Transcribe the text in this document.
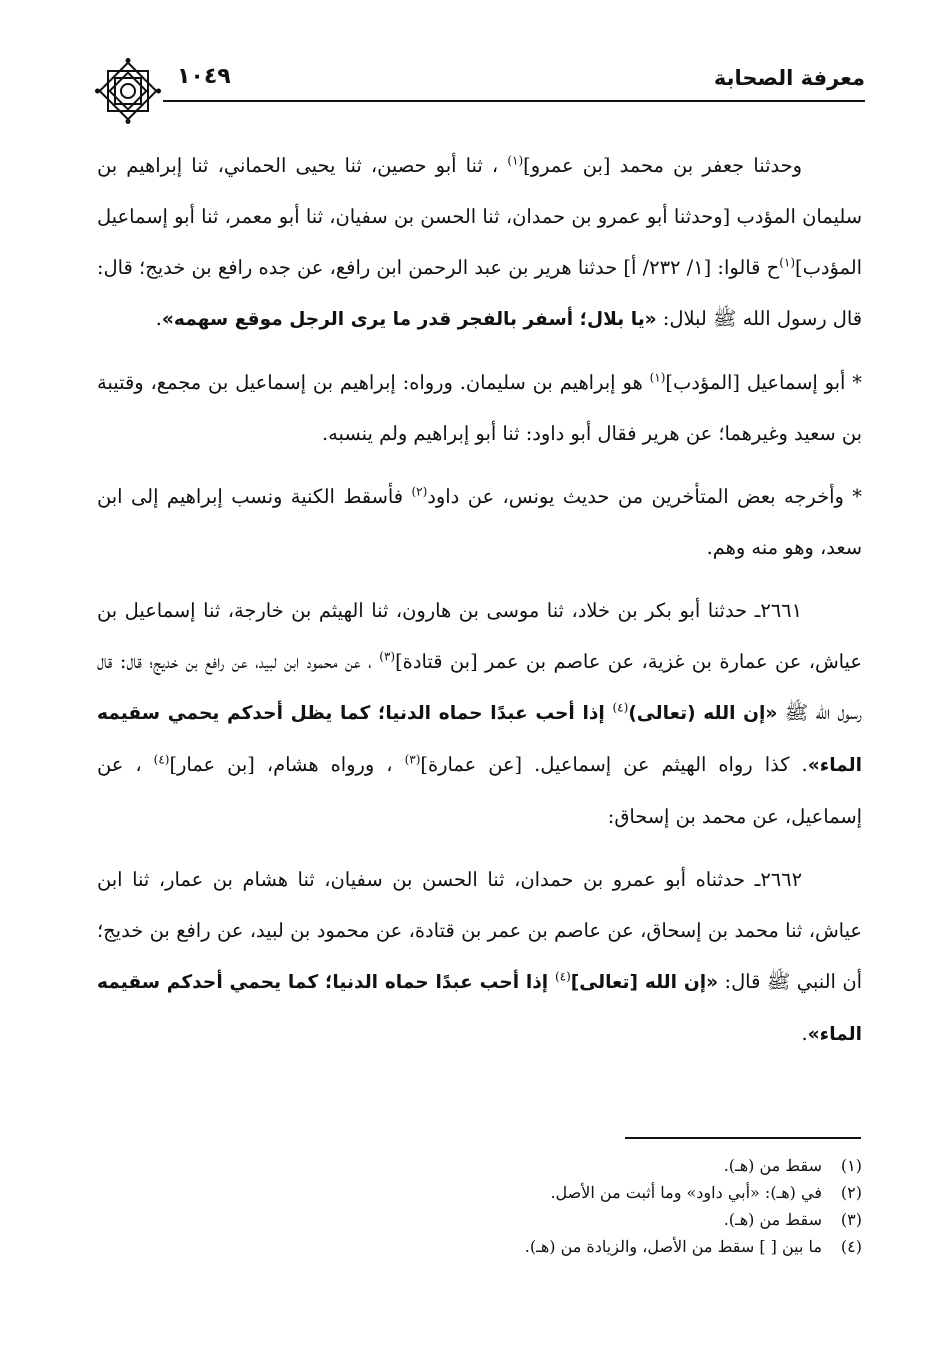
معرفة الصحابة
١٠٤٩

وحدثنا جعفر بن محمد [بن عمرو]$^{(١)}$ ، ثنا أبو حصين، ثنا يحيى الحماني، ثنا إبراهيم بن سليمان المؤدب [وحدثنا أبو عمرو بن حمدان، ثنا الحسن بن سفيان، ثنا أبو معمر، ثنا أبو إسماعيل المؤدب]$^{(١)}$ح قالوا: [١/ ٢٣٢/ أ] حدثنا هرير بن عبد الرحمن ابن رافع، عن جده رافع بن خديج؛ قال: قال رسول الله ﷺ لبلال: «يا بلال؛ أسفر بالفجر قدر ما يرى الرجل موقع سهمه».

* أبو إسماعيل [المؤدب]$^{(١)}$ هو إبراهيم بن سليمان. ورواه: إبراهيم بن إسماعيل بن مجمع، وقتيبة بن سعيد وغيرهما؛ عن هرير فقال أبو داود: ثنا أبو إبراهيم ولم ينسبه.

* وأخرجه بعض المتأخرين من حديث يونس، عن داود$^{(٢)}$ فأسقط الكنية ونسب إبراهيم إلى ابن سعد، وهو منه وهم.

٢٦٦١ـ حدثنا أبو بكر بن خلاد، ثنا موسى بن هارون، ثنا الهيثم بن خارجة، ثنا إسماعيل بن عياش، عن عمارة بن غزية، عن عاصم بن عمر [بن قتادة]$^{(٣)}$ ، عن محمود ابن لبيد، عن رافع بن خديج؛ قال: قال رسول الله ﷺ «إن الله (تعالى)$^{(٤)}$ إذا أحب عبدًا حماه الدنيا؛ كما يظل أحدكم يحمي سقيمه الماء». كذا رواه الهيثم عن إسماعيل. [عن عمارة]$^{(٣)}$ ، ورواه هشام، [بن عمار]$^{(٤)}$ ، عن إسماعيل، عن محمد بن إسحاق:

٢٦٦٢ـ حدثناه أبو عمرو بن حمدان، ثنا الحسن بن سفيان، ثنا هشام بن عمار، ثنا ابن عياش، ثنا محمد بن إسحاق، عن عاصم بن عمر بن قتادة، عن محمود بن لبيد، عن رافع بن خديج؛ أن النبي ﷺ قال: «إن الله [تعالى]$^{(٤)}$ إذا أحب عبدًا حماه الدنيا؛ كما يحمي أحدكم سقيمه الماء».

(١)سقط من (هـ).
(٢)في (هـ): «أبي داود» وما أثبت من الأصل.
(٣)سقط من (هـ).
(٤)ما بين [ ] سقط من الأصل، والزيادة من (هـ).
